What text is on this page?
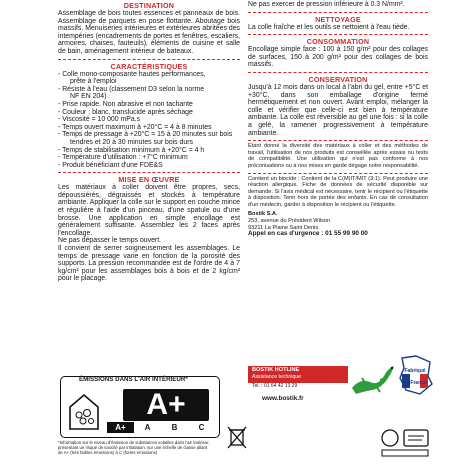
DESTINATION

Assemblage de bois toutes essences et panneaux de bois. Assemblage de parquets en pose flottante. Aboutage bois massifs. Menuiseries intérieures et extérieures abritées des intempéries (encadrements de portes et fenêtres, escaliers, armoires, chaises, fauteuils), éléments de cuisine et salle de bain, aménagement intérieur de bateaux.

CARACTÉRISTIQUES

- Colle mono-composante hautes performances,
prête à l'emploi
- Résiste à l'eau (classement D3 selon la norme
NF EN 204)
- Prise rapide. Non abrasive et non tachante
- Couleur : blanc, translucide après séchage
- Viscosité = 10 000 mPa.s
- Temps ouvert maximum à +20°C = 4 à 8 minutes
- Temps de pressage à +20°C = 15 à 20 minutes sur bois
tendres et 20 à 30 minutes sur bois durs
- Temps de stabilisation minimum à +20°C = 4 h
- Température d'utilisation : +7°C minimum
- Produit bénéficiant d'une FDE&S

MISE EN ŒUVRE

Les matériaux à coller doivent être propres, secs, dépoussiérés, dégraissés et stockés à température ambiante. Appliquer la colle sur le support en couche mince et régulière à l'aide d'un pinceau, d'une spatule ou d'une brosse. Une application en simple encollage est généralement suffisante. Assemblez les 2 faces après l'encollage.

Ne pas dépasser le temps ouvert.

Il convient de serrer soigneusement les assemblages. Le temps de pressage varie en fonction de la porosité des supports. La pression recommandée est de l'ordre de 4 à 7 kg/cm² pour les assemblages bois à bois et de 2 kg/cm² pour le placage.

Ne pas exercer de pression inférieure à 0.3 N/mm².

NETTOYAGE

La colle fraîche et les outils se nettoient à l'eau tiède.

CONSOMMATION

Encollage simple face : 100 à 150 g/m² pour des collages de surfaces, 150 à 200 g/m² pour des collages de bois massifs.

CONSERVATION

Jusqu'à 12 mois dans un local à l'abri du gel, entre +5°C et +30°C, dans son emballage d'origine fermé hermétiquement et non ouvert. Avant emploi, mélanger la colle et vérifier que celle-ci est bien à température ambiante. La colle est réversible au gel une fois : si la colle a gelé, la ramener progressivement à température ambiante.

Étant donné la diversité des matériaux à coller et des méthodes de travail, l'utilisation de nos produits est conseillée après essais ou tests de compatibilité. Une utilisation qui n'est pas conforme à nos préconisations ou à nos mises en garde dégage notre responsabilité.

Contient un biocide : Contient de la C(M)IT/MIT (3:1). Peut produire une réaction allergique. Fiche de données de sécurité disponible sur demande. Si l'avis médical est nécessaire, tenir le récipient ou l'étiquette à disposition. Tenir hors de portée des enfants. En cas de consultation d'un médecin, garder à disposition le récipient ou l'étiquette.

Bostik S.A.

253, avenue du Président Wilson

93211 La Plaine Saint Denis

Appel en cas d'urgence : 01 55 99 90 00

ÉMISSIONS DANS L'AIR INTÉRIEUR*
A+
A+	A	B	C
*Information sur le niveau d'émission de substances volatiles dans l'air intérieur, présentant un risque de toxicité par inhalation, sur une échelle de classe allant de A+ (très faibles émissions) à C (fortes émissions)
BOSTIK HOTLINE
Assistance technique
Tel. : 01 64 42 13 29
www.bostik.fr
Fabriqué
en France
